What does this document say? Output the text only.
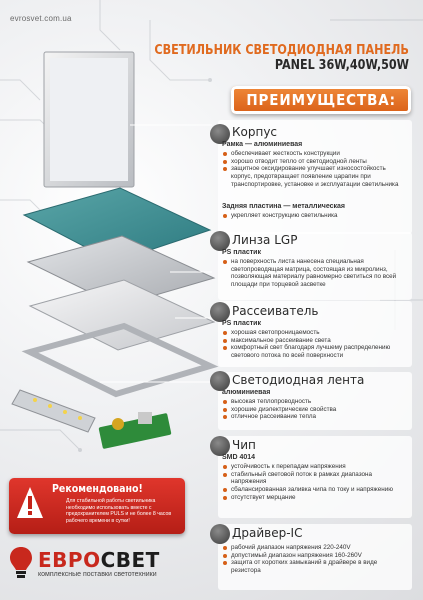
evrosvet.com.ua
СВЕТИЛЬНИК СВЕТОДИОДНАЯ ПАНЕЛЬ
PANEL 36W,40W,50W
ПРЕИМУЩЕСТВА:
Корпус
Рамка — алюминиевая
обеспечивает жесткость конструкции
хорошо отводит тепло от светодиодной ленты
защитное оксидирование улучшает износостойкость корпус, предотвращает появление царапин при транспортировке, установке и эксплуатации светильника
Задняя пластина — металлическая
укрепляет конструкцию светильника
Линза LGP
PS пластик
на поверхность листа нанесена специальная светопроводящая матрица, состоящая из микролинз, позволяющая материалу равномерно светиться по всей площади при торцевой засветке
Рассеиватель
PS пластик
хорошая светопроницаемость
максимальное рассеивание света
комфортный свет благодаря лучшему распределению светового потока по всей поверхности
Светодиодная лента
алюминиевая
высокая теплопроводность
хорошие диэлектрические свойства
отличное рассеивание тепла
Чип
SMD 4014
устойчивость к перепадам напряжения
стабильный световой поток в рамках диапазона напряжения
сбалансированная заливка чипа по току и напряжению
отсутствует мерцание
Драйвер-IC
рабочий диапазон напряжения 220-240V
допустимый диапазон напряжения 160-260V
защита от коротких замыканий в драйвере в виде резистора
Рекомендовано!
Для стабильной работы светильника необходимо использовать вместе с предохранителем PULS и не более 8 часов рабочего времени в сутки!
ЕВРОСВЕТ
комплексные поставки светотехники
